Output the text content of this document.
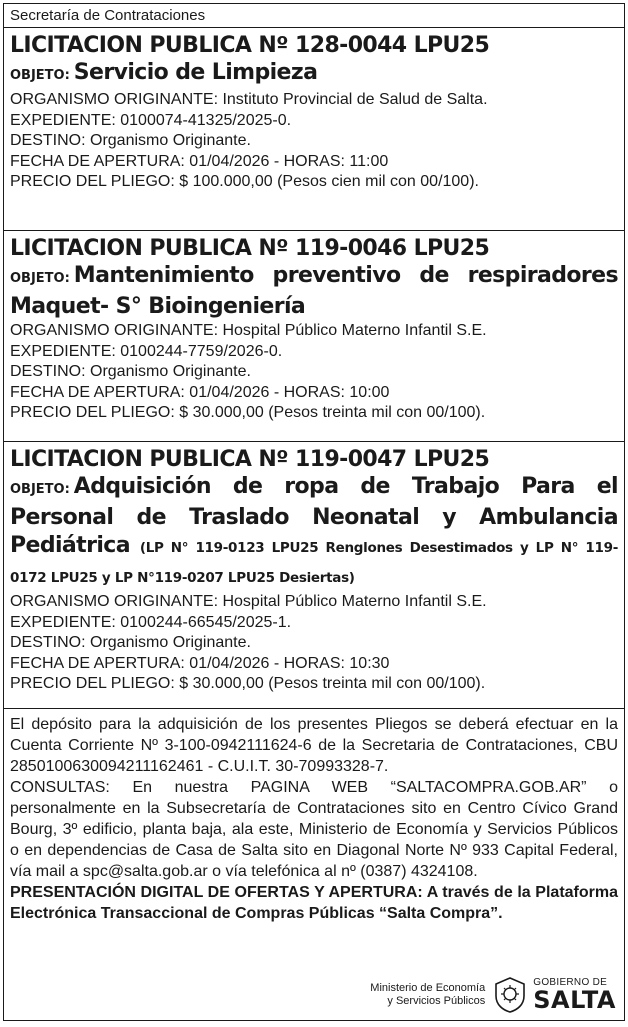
Secretaría de Contrataciones
LICITACION PUBLICA Nº 128-0044 LPU25
OBJETO: Servicio de Limpieza
ORGANISMO ORIGINANTE: Instituto Provincial de Salud de Salta.
EXPEDIENTE: 0100074-41325/2025-0.
DESTINO: Organismo Originante.
FECHA DE APERTURA: 01/04/2026 - HORAS: 11:00
PRECIO DEL PLIEGO: $ 100.000,00 (Pesos cien mil con 00/100).
LICITACION PUBLICA Nº 119-0046 LPU25
OBJETO: Mantenimiento preventivo de respiradores Maquet- S° Bioingeniería
ORGANISMO ORIGINANTE: Hospital Público Materno Infantil S.E.
EXPEDIENTE: 0100244-7759/2026-0.
DESTINO: Organismo Originante.
FECHA DE APERTURA: 01/04/2026 - HORAS: 10:00
PRECIO DEL PLIEGO: $ 30.000,00 (Pesos treinta mil con 00/100).
LICITACION PUBLICA Nº 119-0047 LPU25
OBJETO: Adquisición de ropa de Trabajo Para el Personal de Traslado Neonatal y Ambulancia Pediátrica (LP N° 119-0123 LPU25 Renglones Desestimados y LP N° 119-0172 LPU25 y LP N°119-0207 LPU25 Desiertas)
ORGANISMO ORIGINANTE: Hospital Público Materno Infantil S.E.
EXPEDIENTE: 0100244-66545/2025-1.
DESTINO: Organismo Originante.
FECHA DE APERTURA: 01/04/2026 - HORAS: 10:30
PRECIO DEL PLIEGO: $ 30.000,00 (Pesos treinta mil con 00/100).
El depósito para la adquisición de los presentes Pliegos se deberá efectuar en la Cuenta Corriente Nº 3-100-0942111624-6 de la Secretaria de Contrataciones, CBU 2850100630094211162461 - C.U.I.T. 30-70993328-7.
CONSULTAS: En nuestra PAGINA WEB “SALTACOMPRA.GOB.AR” o personalmente en la Subsecretaría de Contrataciones sito en Centro Cívico Grand Bourg, 3º edificio, planta baja, ala este, Ministerio de Economía y Servicios Públicos o en dependencias de Casa de Salta sito en Diagonal Norte Nº 933 Capital Federal, vía mail a spc@salta.gob.ar o vía telefónica al nº (0387) 4324108.
PRESENTACIÓN DIGITAL DE OFERTAS Y APERTURA: A través de la Plataforma Electrónica Transaccional de Compras Públicas “Salta Compra”.
Ministerio de Economía
y Servicios Públicos
GOBIERNO DE
SALTA
